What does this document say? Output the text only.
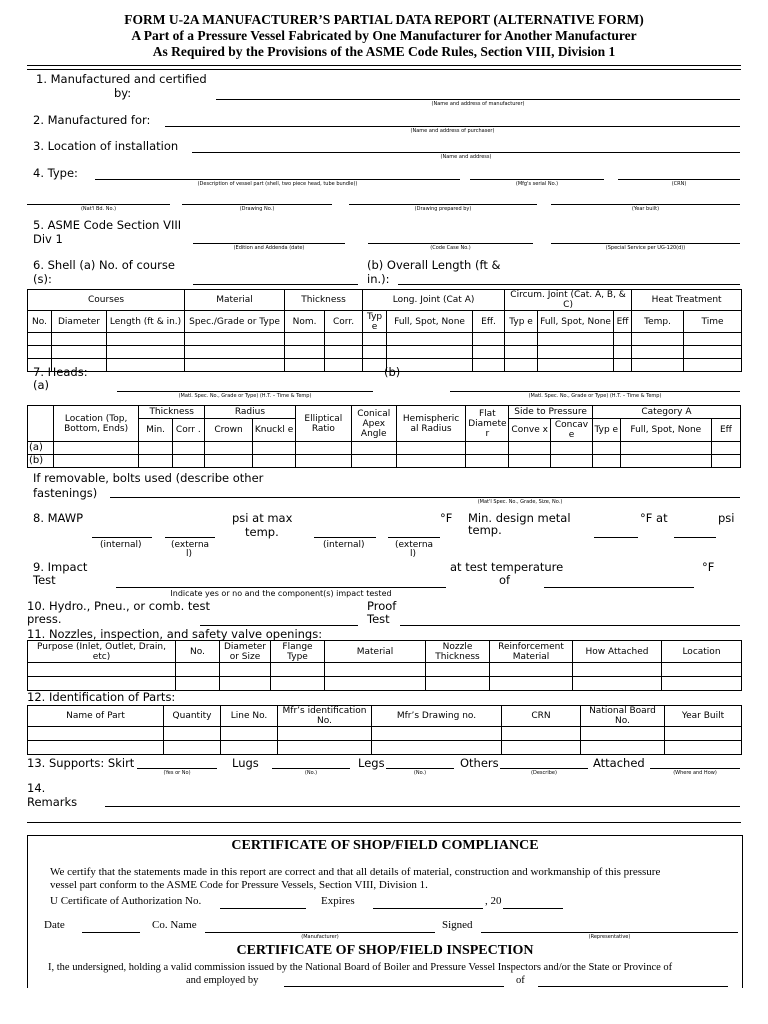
FORM U-2A MANUFACTURER’S PARTIAL DATA REPORT (ALTERNATIVE FORM)
A Part of a Pressure Vessel Fabricated by One Manufacturer for Another Manufacturer
As Required by the Provisions of the ASME Code Rules, Section VIII, Division 1
1. Manufactured and certified
by:
(Name and address of manufacturer)
2. Manufactured for:
(Name and address of purchaser)
3. Location of installation
(Name and address)
4. Type:
(Description of vessel part (shell, two piece head, tube bundle))	(Mfg's serial No.)	(CRN)
(Nat'l Bd. No.)	(Drawing No.)	(Drawing prepared by)	(Year built)
5. ASME Code Section VIII
Div 1
(Edition and Addenda (date)	(Code Case No.)	(Special Service per UG-120(d))
6. Shell (a) No. of course
(s):
(b) Overall Length (ft &
in.):
Courses			Material	Thickness		Long. Joint (Cat A)			Circum. Joint (Cat. A, B, & C)			Heat Treatment	
No.	Diameter	Length (ft & in.)	Spec./Grade or Type	Nom.	Corr.	Typ e	Full, Spot, None	Eff.	Typ e	Full, Spot, None	Eff	Temp.	Time

7. Heads:
(a)
(b)
(Matl. Spec. No., Grade or Type) (H.T. – Time & Temp)	(Matl. Spec. No., Grade or Type) (H.T. – Time & Temp)
	Location (Top, Bottom, Ends)	Thickness		Radius		Elliptical Ratio	Conical Apex Angle	Hemispheric al Radius	Flat Diamete r	Side to Pressure		Category A		
		Min.	Corr .	Crown	Knuckl e					Conve x	Concav e	Typ e	Full, Spot, None	Eff
(a)														
(b)														
If removable, bolts used (describe other
fastenings)
(Mat'l Spec. No., Grade, Size, No.)
8. MAWP	psi at max
temp.
°F Min. design metal
temp.
°F at	psi
(internal)	(externa
l)
(internal)	(externa
l)
9. Impact
Test
at test temperature
of
°F
Indicate yes or no and the component(s) impact tested
10. Hydro., Pneu., or comb. test
press.
Proof
Test
11. Nozzles, inspection, and safety valve openings:
Purpose (Inlet, Outlet, Drain, etc)	No.	Diameter or Size	Flange Type	Material	Nozzle Thickness	Reinforcement Material	How Attached	Location

12. Identification of Parts:
Name of Part	Quantity	Line No.	Mfr’s identification No.	Mfr’s Drawing no.	CRN	National Board No.	Year Built

13. Supports: Skirt
(Yes or No)
Lugs
(No.)
Legs
(No.)
Others
(Describe)
Attached
(Where and How)
14.
Remarks
CERTIFICATE OF SHOP/FIELD COMPLIANCE
We certify that the statements made in this report are correct and that all details of material, construction and workmanship of this pressure
vessel part conform to the ASME Code for Pressure Vessels, Section VIII, Division 1.
U Certificate of Authorization No.	Expires	, 20
Date	Co. Name
(Manufacturer)
Signed
(Representative)
CERTIFICATE OF SHOP/FIELD INSPECTION
I, the undersigned, holding a valid commission issued by the National Board of Boiler and Pressure Vessel Inspectors and/or the State or Province of
and employed by	of
